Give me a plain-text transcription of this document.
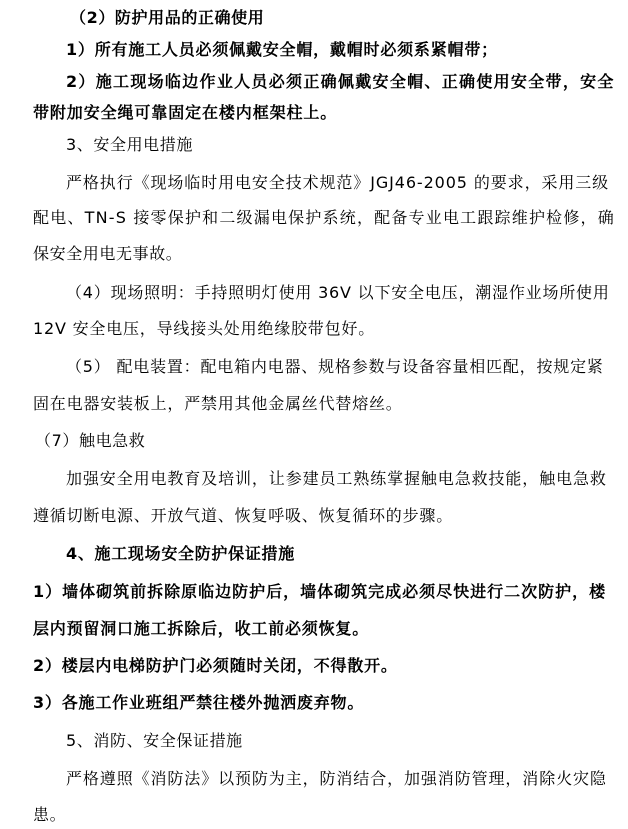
（2）防护用品的正确使用
1）所有施工人员必须佩戴安全帽，戴帽时必须系紧帽带；
2）施工现场临边作业人员必须正确佩戴安全帽、正确使用安全带，安全
带附加安全绳可靠固定在楼内框架柱上。
3、安全用电措施
严格执行《现场临时用电安全技术规范》JGJ46-2005 的要求，采用三级
配电、TN-S 接零保护和二级漏电保护系统，配备专业电工跟踪维护检修，确
保安全用电无事故。
（4）现场照明：手持照明灯使用 36V 以下安全电压，潮湿作业场所使用
12V 安全电压，导线接头处用绝缘胶带包好。
（5） 配电装置：配电箱内电器、规格参数与设备容量相匹配，按规定紧
固在电器安装板上，严禁用其他金属丝代替熔丝。
（7）触电急救
加强安全用电教育及培训，让参建员工熟练掌握触电急救技能，触电急救
遵循切断电源、开放气道、恢复呼吸、恢复循环的步骤。
4、施工现场安全防护保证措施
1）墙体砌筑前拆除原临边防护后，墙体砌筑完成必须尽快进行二次防护，楼
层内预留洞口施工拆除后，收工前必须恢复。
2）楼层内电梯防护门必须随时关闭，不得散开。
3）各施工作业班组严禁往楼外抛洒废弃物。
5、消防、安全保证措施
严格遵照《消防法》以预防为主，防消结合，加强消防管理，消除火灾隐
患。
